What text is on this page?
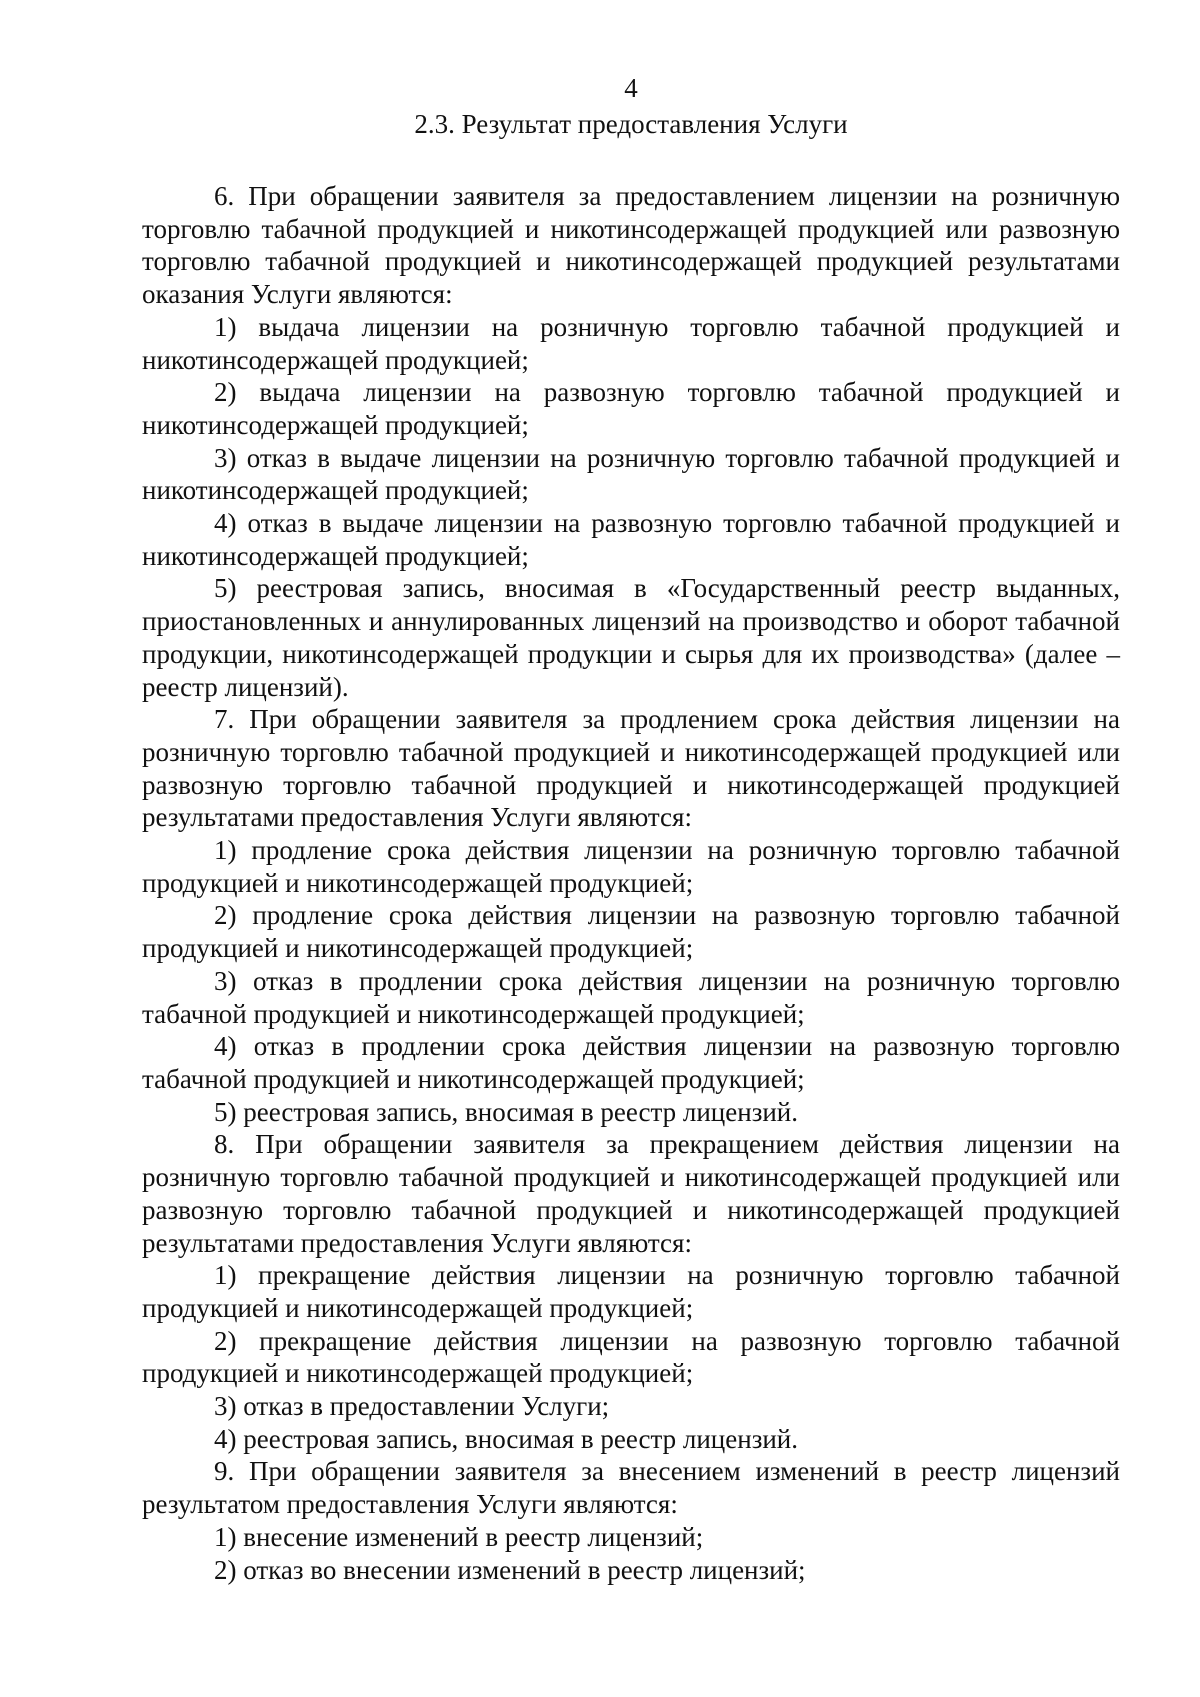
4

2.3. Результат предоставления Услуги

6. При обращении заявителя за предоставлением лицензии на розничную торговлю табачной продукцией и никотинсодержащей продукцией или развозную торговлю табачной продукцией и никотинсодержащей продукцией результатами оказания Услуги являются:

1) выдача лицензии на розничную торговлю табачной продукцией и никотинсодержащей продукцией;

2) выдача лицензии на развозную торговлю табачной продукцией и никотинсодержащей продукцией;

3) отказ в выдаче лицензии на розничную торговлю табачной продукцией и никотинсодержащей продукцией;

4) отказ в выдаче лицензии на развозную торговлю табачной продукцией и никотинсодержащей продукцией;

5) реестровая запись, вносимая в «Государственный реестр выданных, приостановленных и аннулированных лицензий на производство и оборот табачной продукции, никотинсодержащей продукции и сырья для их производства» (далее – реестр лицензий).

7. При обращении заявителя за продлением срока действия лицензии на розничную торговлю табачной продукцией и никотинсодержащей продукцией или развозную торговлю табачной продукцией и никотинсодержащей продукцией результатами предоставления Услуги являются:

1) продление срока действия лицензии на розничную торговлю табачной продукцией и никотинсодержащей продукцией;

2) продление срока действия лицензии на развозную торговлю табачной продукцией и никотинсодержащей продукцией;

3) отказ в продлении срока действия лицензии на розничную торговлю табачной продукцией и никотинсодержащей продукцией;

4) отказ в продлении срока действия лицензии на развозную торговлю табачной продукцией и никотинсодержащей продукцией;

5) реестровая запись, вносимая в реестр лицензий.

8. При обращении заявителя за прекращением действия лицензии на розничную торговлю табачной продукцией и никотинсодержащей продукцией или развозную торговлю табачной продукцией и никотинсодержащей продукцией результатами предоставления Услуги являются:

1) прекращение действия лицензии на розничную торговлю табачной продукцией и никотинсодержащей продукцией;

2) прекращение действия лицензии на развозную торговлю табачной продукцией и никотинсодержащей продукцией;

3) отказ в предоставлении Услуги;

4) реестровая запись, вносимая в реестр лицензий.

9. При обращении заявителя за внесением изменений в реестр лицензий результатом предоставления Услуги являются:

1) внесение изменений в реестр лицензий;

2) отказ во внесении изменений в реестр лицензий;
